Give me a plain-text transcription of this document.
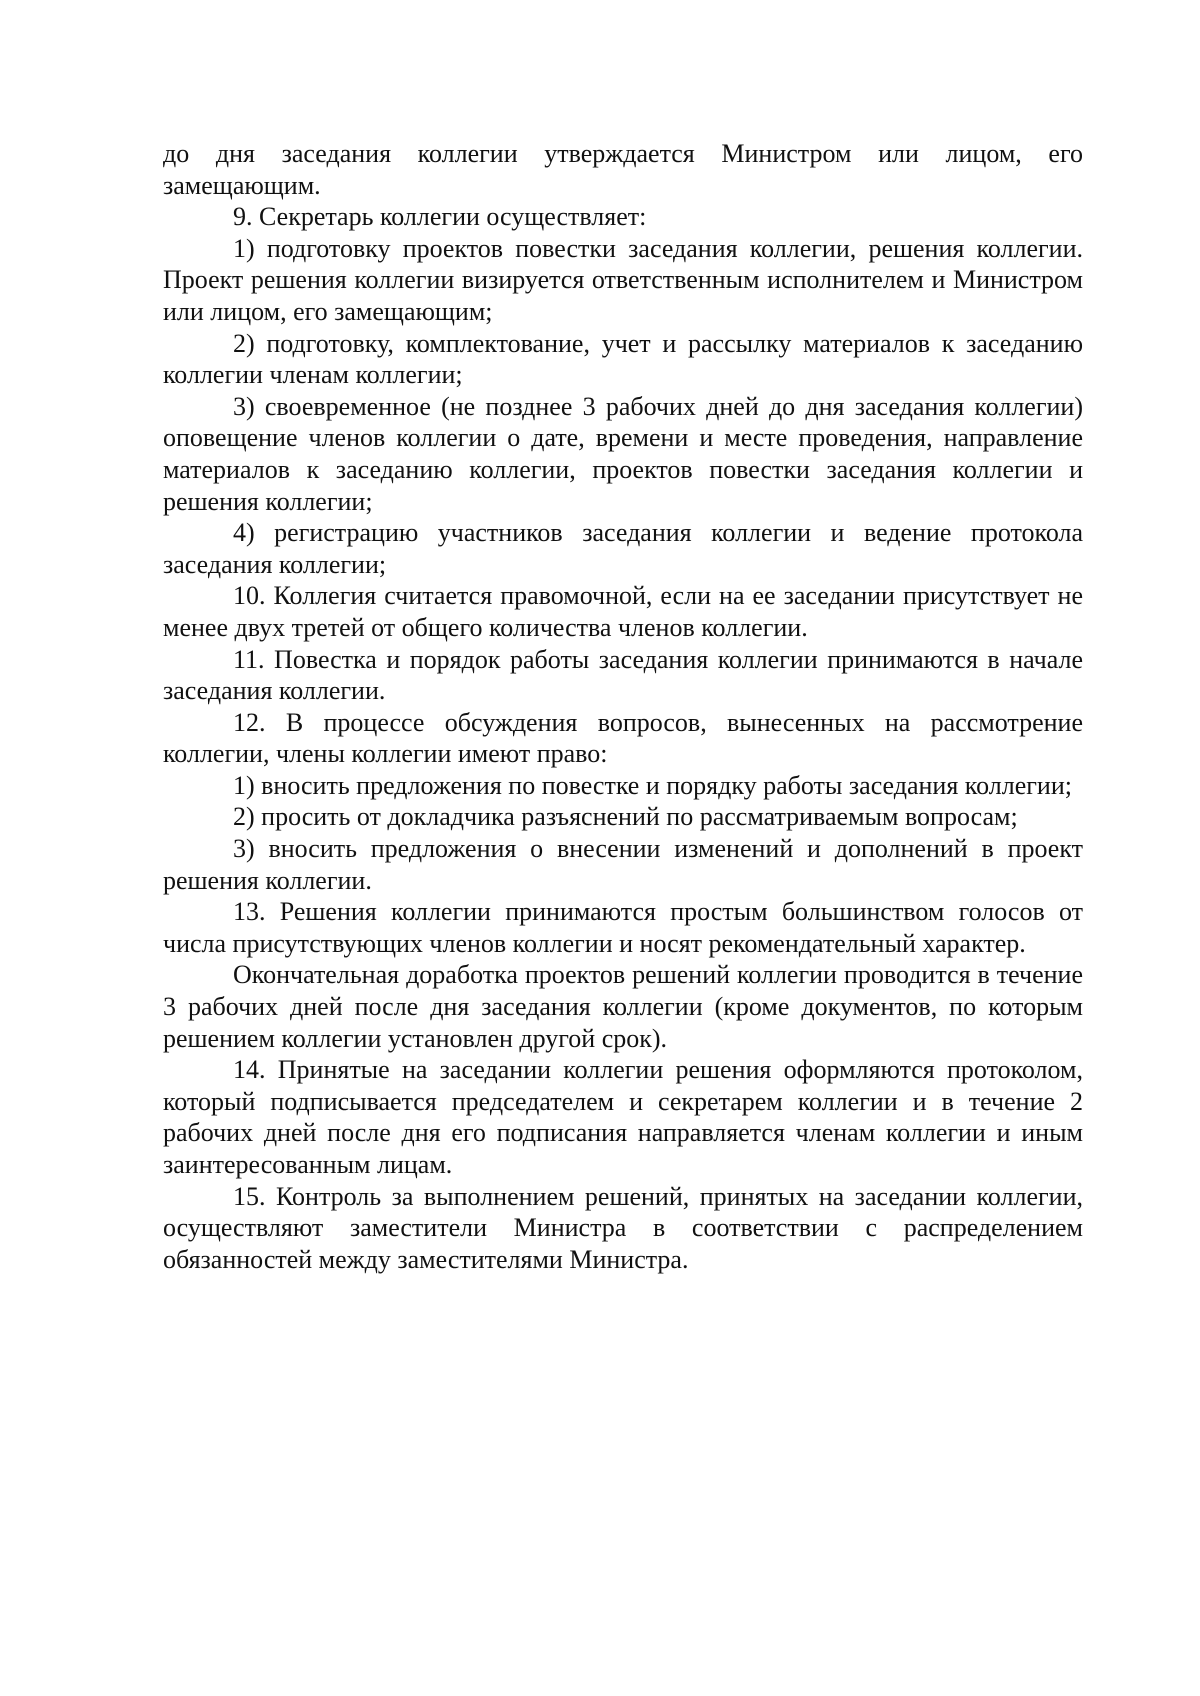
до дня заседания коллегии утверждается Министром или лицом, его замещающим.

9. Секретарь коллегии осуществляет:

1) подготовку проектов повестки заседания коллегии, решения коллегии. Проект решения коллегии визируется ответственным исполнителем и Министром или лицом, его замещающим;

2) подготовку, комплектование, учет и рассылку материалов к заседанию коллегии членам коллегии;

3) своевременное (не позднее 3 рабочих дней до дня заседания коллегии) оповещение членов коллегии о дате, времени и месте проведения, направление материалов к заседанию коллегии, проектов повестки заседания коллегии и решения коллегии;

4) регистрацию участников заседания коллегии и ведение протокола заседания коллегии;

10. Коллегия считается правомочной, если на ее заседании присутствует не менее двух третей от общего количества членов коллегии.

11. Повестка и порядок работы заседания коллегии принимаются в начале заседания коллегии.

12. В процессе обсуждения вопросов, вынесенных на рассмотрение коллегии, члены коллегии имеют право:

1) вносить предложения по повестке и порядку работы заседания коллегии;

2) просить от докладчика разъяснений по рассматриваемым вопросам;

3) вносить предложения о внесении изменений и дополнений в проект решения коллегии.

13. Решения коллегии принимаются простым большинством голосов от числа присутствующих членов коллегии и носят рекомендательный характер.

Окончательная доработка проектов решений коллегии проводится в течение 3 рабочих дней после дня заседания коллегии (кроме документов, по которым решением коллегии установлен другой срок).

14. Принятые на заседании коллегии решения оформляются протоколом, который подписывается председателем и секретарем коллегии и в течение 2 рабочих дней после дня его подписания направляется членам коллегии и иным заинтересованным лицам.

15. Контроль за выполнением решений, принятых на заседании коллегии, осуществляют заместители Министра в соответствии с распределением обязанностей между заместителями Министра.
